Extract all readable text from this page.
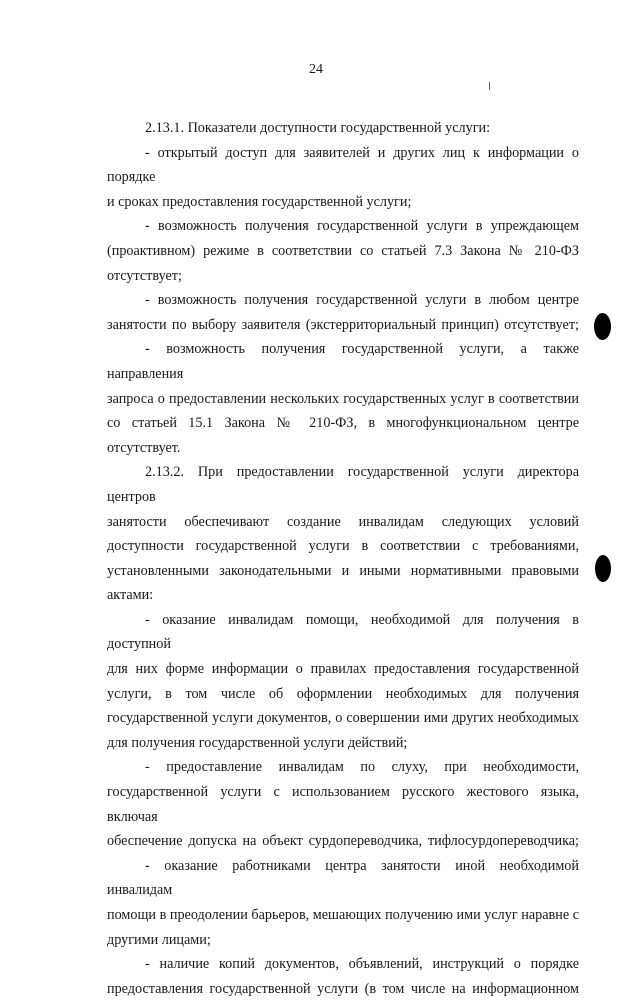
24

2.13.1. Показатели доступности государственной услуги:

- открытый доступ для заявителей и других лиц к информации о порядке

и сроках предоставления государственной услуги;

- возможность получения государственной услуги в упреждающем

(проактивном) режиме в соответствии со статьей 7.3 Закона № 210-ФЗ

отсутствует;

- возможность получения государственной услуги в любом центре

занятости по выбору заявителя (экстерриториальный принцип) отсутствует;

- возможность получения государственной услуги, а также направления

запроса о предоставлении нескольких государственных услуг в соответствии

со статьей 15.1 Закона № 210-ФЗ, в многофункциональном центре отсутствует.

2.13.2. При предоставлении государственной услуги директора центров

занятости обеспечивают создание инвалидам следующих условий

доступности государственной услуги в соответствии с требованиями,

установленными законодательными и иными нормативными правовыми

актами:

- оказание инвалидам помощи, необходимой для получения в доступной

для них форме информации о правилах предоставления государственной

услуги, в том числе об оформлении необходимых для получения

государственной услуги документов, о совершении ими других необходимых

для получения государственной услуги действий;

- предоставление инвалидам по слуху, при необходимости,

государственной услуги с использованием русского жестового языка, включая

обеспечение допуска на объект сурдопереводчика, тифлосурдопереводчика;

- оказание работниками центра занятости иной необходимой инвалидам

помощи в преодолении барьеров, мешающих получению ими услуг наравне с

другими лицами;

- наличие копий документов, объявлений, инструкций о порядке

предоставления государственной услуги (в том числе на информационном
